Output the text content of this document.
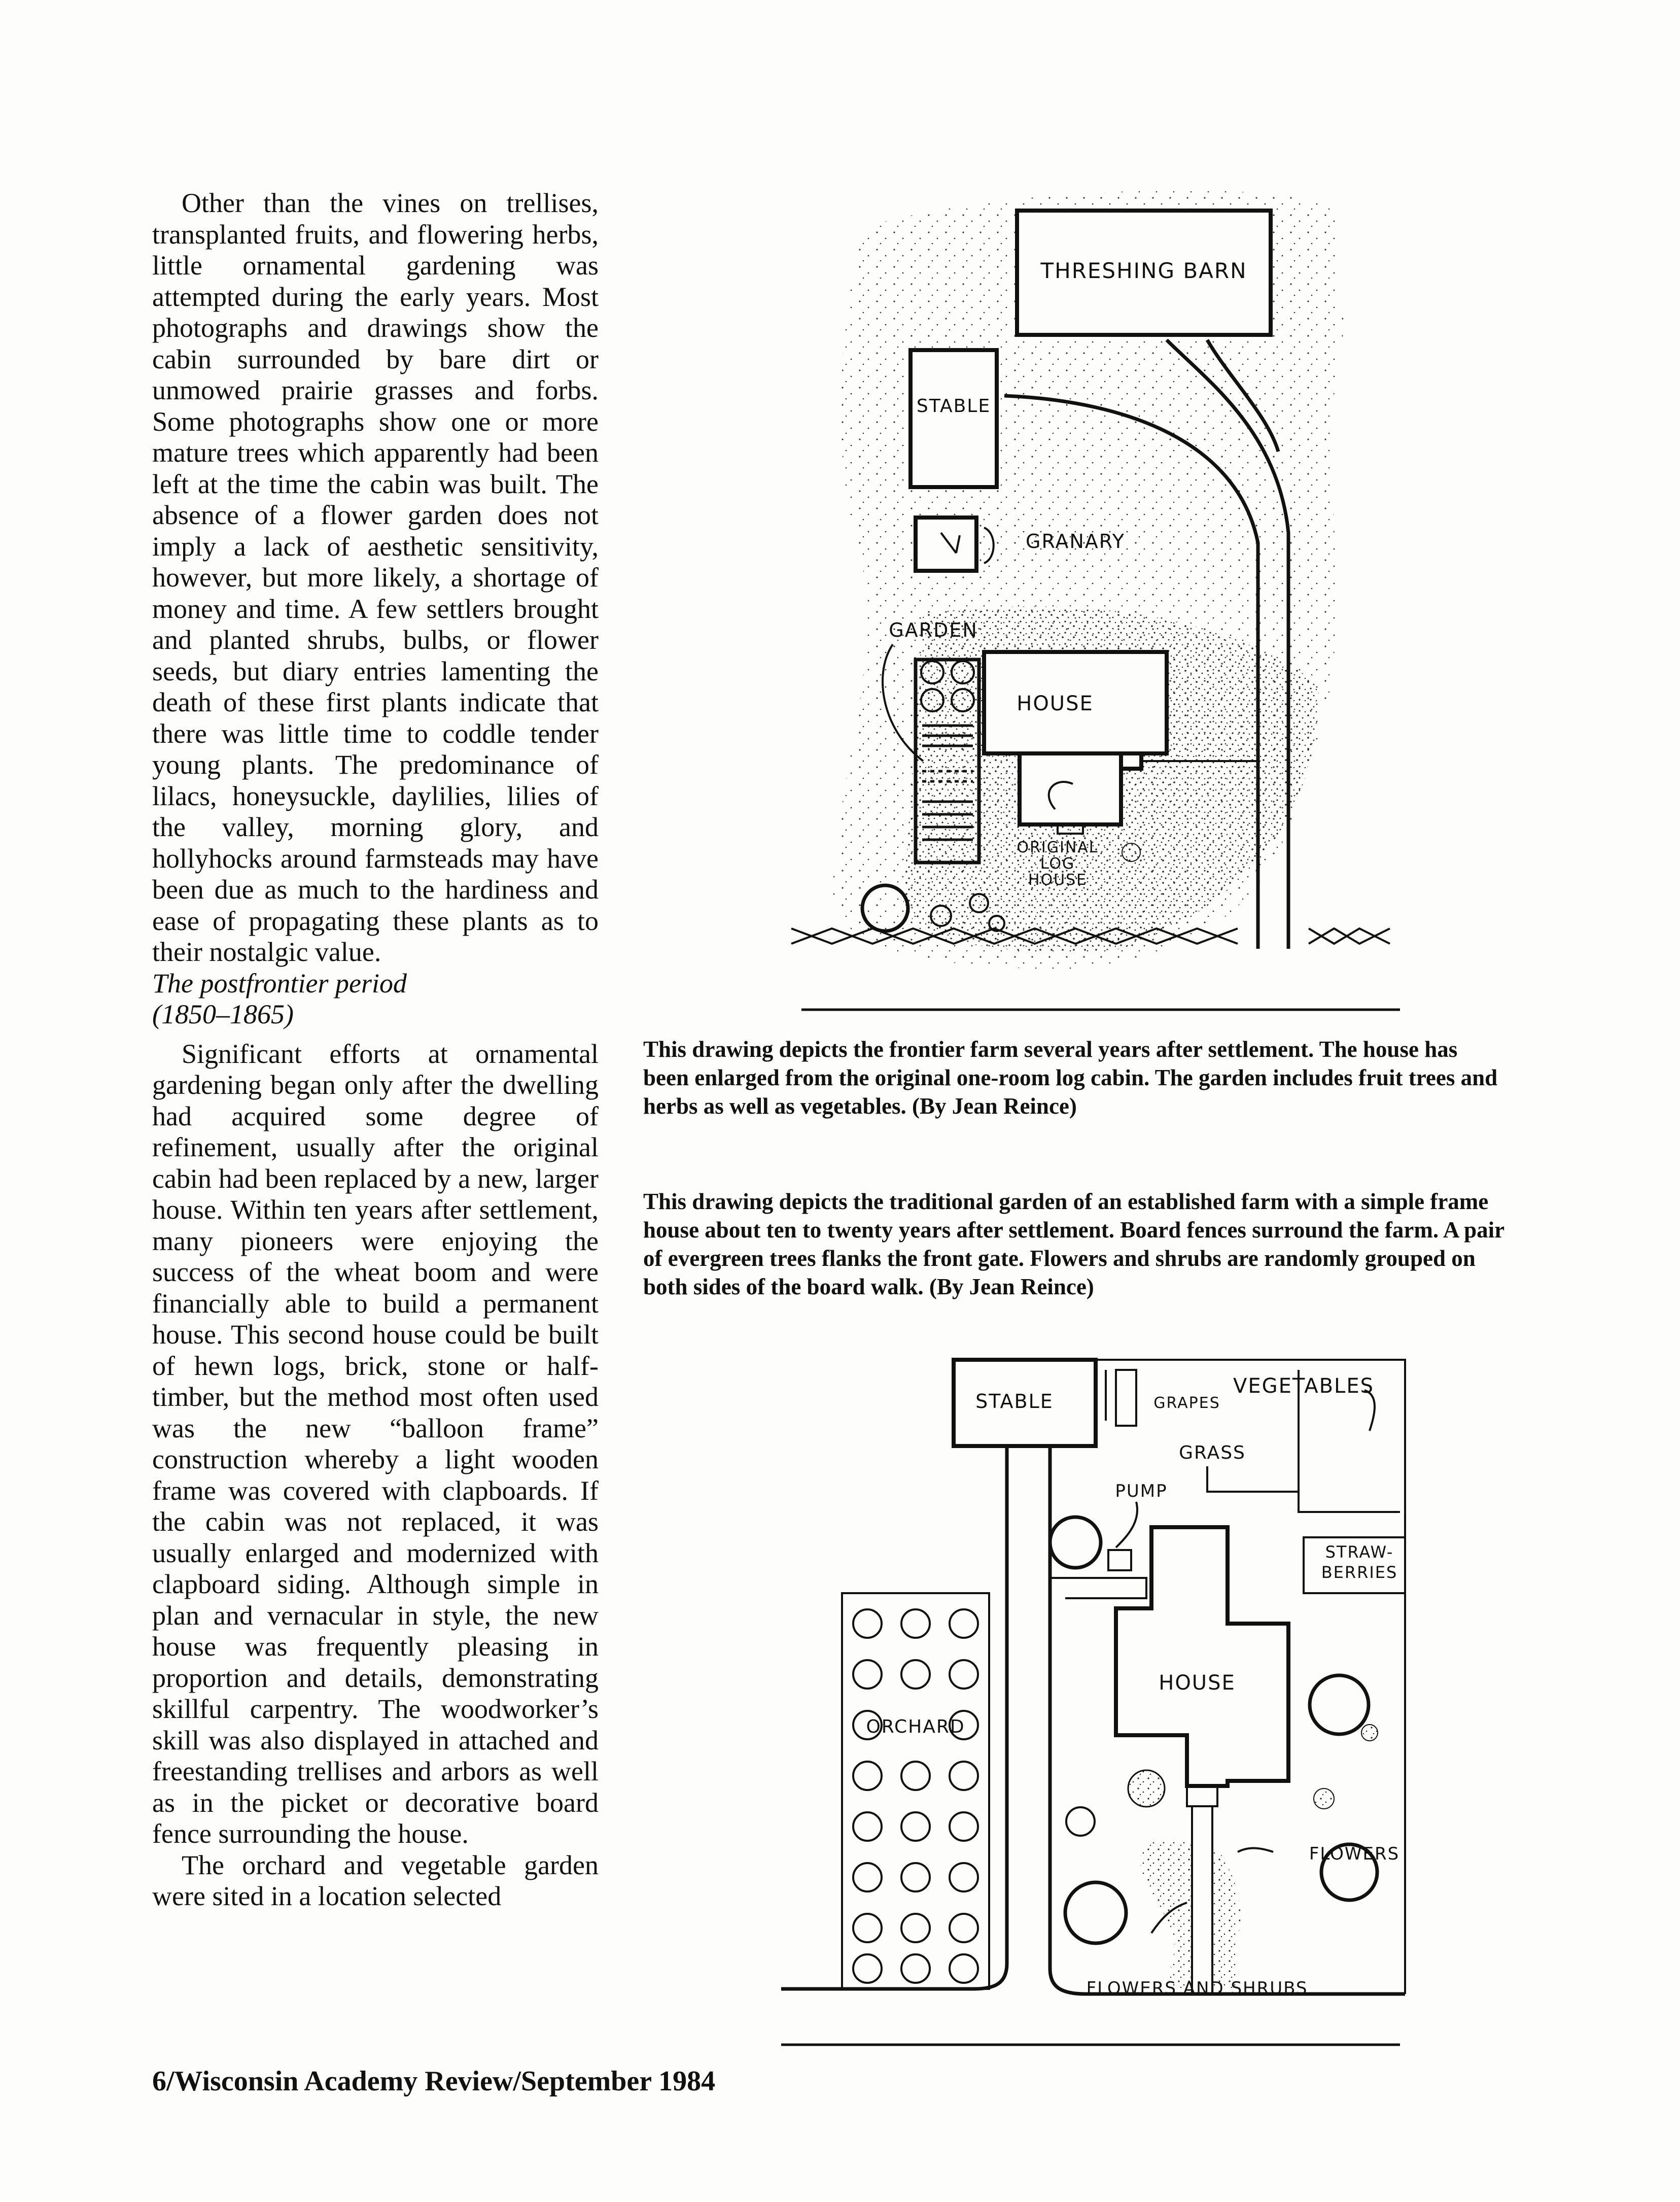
Other than the vines on trellises, transplanted fruits, and flowering herbs, little ornamental gardening was attempted during the early years. Most photographs and drawings show the cabin surrounded by bare dirt or unmowed prairie grasses and forbs. Some photographs show one or more mature trees which apparently had been left at the time the cabin was built. The absence of a flower garden does not imply a lack of aesthetic sensitivity, however, but more likely, a shortage of money and time. A few settlers brought and planted shrubs, bulbs, or flower seeds, but diary entries lamenting the death of these first plants indicate that there was little time to coddle tender young plants. The predominance of lilacs, honeysuckle, daylilies, lilies of the valley, morning glory, and hollyhocks around farmsteads may have been due as much to the hardiness and ease of propagating these plants as to their nostalgic value.

The postfrontier period
(1850–1865)

Significant efforts at ornamental gardening began only after the dwelling had acquired some degree of refinement, usually after the original cabin had been replaced by a new, larger house. Within ten years after settlement, many pioneers were enjoying the success of the wheat boom and were financially able to build a permanent house. This second house could be built of hewn logs, brick, stone or half-timber, but the method most often used was the new “balloon frame” construction whereby a light wooden frame was covered with clapboards. If the cabin was not replaced, it was usually enlarged and modernized with clapboard siding. Although simple in plan and vernacular in style, the new house was frequently pleasing in proportion and details, demonstrating skillful carpentry. The woodworker’s skill was also displayed in attached and freestanding trellises and arbors as well as in the picket or decorative board fence surrounding the house.

The orchard and vegetable garden were sited in a location selected

THRESHING BARN
STABLE
GRANARY
GARDEN
HOUSE
ORIGINAL
LOG
HOUSE
This drawing depicts the frontier farm several years after settlement. The house has been enlarged from the original one-room log cabin. The garden includes fruit trees and herbs as well as vegetables. (By Jean Reince)
This drawing depicts the traditional garden of an established farm with a simple frame house about ten to twenty years after settlement. Board fences surround the farm. A pair of evergreen trees flanks the front gate. Flowers and shrubs are randomly grouped on both sides of the board walk. (By Jean Reince)
STABLE
VEGETABLES
GRAPES
GRASS
PUMP
STRAW-
BERRIES
HOUSE
ORCHARD
FLOWERS
FLOWERS AND SHRUBS
6/Wisconsin Academy Review/September 1984
